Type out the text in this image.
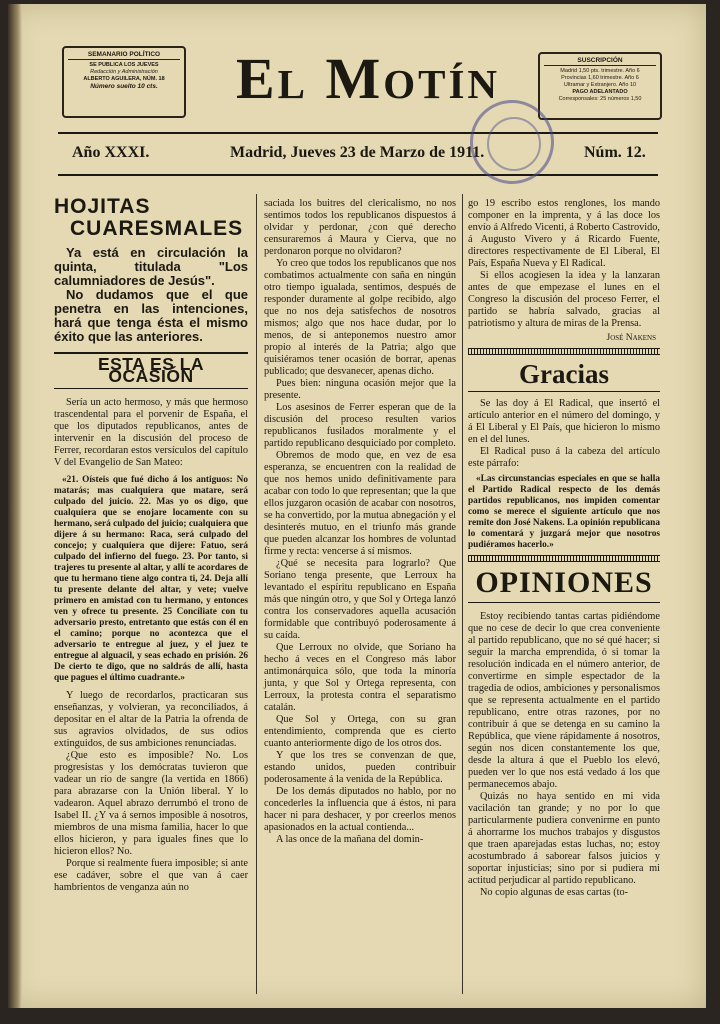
SEMANARIO POLÍTICO
SE PUBLICA LOS JUEVES
Redacción y Administración
ALBERTO AGUILERA, NÚM. 18
Número suelto 10 cts.	El Motín	SUSCRIPCIÓN
Madrid 1,50 pts. trimestre. Año 6
Provincias 1,60 trimestre. Año 6
Ultramar y Extranjero. Año 10
PAGO ADELANTADO
Corresponsales: 25 números 1,50
Año XXXI.	Madrid, Jueves 23 de Marzo de 1911.	Núm. 12.
HOJITAS
CUARESMALES

Ya está en circulación la quinta, titulada "Los calumniadores de Jesús".

No dudamos que el que penetra en las intenciones, hará que tenga ésta el mismo éxito que las anteriores.

ESTA ES LA OCASIÓN

Sería un acto hermoso, y más que hermoso trascendental para el porvenir de España, el que los diputados republicanos, antes de intervenir en la discusión del proceso de Ferrer, recordaran estos versículos del capítulo V del Evangelio de San Mateo:

«21. Oísteis que fué dicho á los antiguos: No matarás; mas cualquiera que matare, será culpado del juicio. 22. Mas yo os digo, que cualquiera que se enojare locamente con su hermano, será culpado del juicio; cualquiera que dijere á su hermano: Raca, será culpado del concejo; y cualquiera que dijere: Fatuo, será culpado del infierno del fuego. 23. Por tanto, si trajeres tu presente al altar, y allí te acordares de que tu hermano tiene algo contra ti, 24. Deja allí tu presente delante del altar, y vete; vuelve primero en amistad con tu hermano, y entonces ven y ofrece tu presente. 25 Concíliate con tu adversario presto, entretanto que estás con él en el camino; porque no acontezca que el adversario te entregue al juez, y el juez te entregue al alguacil, y seas echado en prisión. 26 De cierto te digo, que no saldrás de allí, hasta que pagues el último cuadrante.»

Y luego de recordarlos, practicaran sus enseñanzas, y volvieran, ya reconciliados, á depositar en el altar de la Patria la ofrenda de sus agravios olvidados, de sus odios extinguidos, de sus ambiciones renunciadas.

¿Que esto es imposible? No. Los progresistas y los demócratas tuvieron que vadear un río de sangre (la vertida en 1866) para abrazarse con la Unión liberal. Y lo vadearon. Aquel abrazo derrumbó el trono de Isabel II. ¿Y va á sernos imposible á nosotros, miembros de una misma familia, hacer lo que ellos hicieron, y para iguales fines que lo hicieron ellos? No.

Porque si realmente fuera imposible; si ante ese cadáver, sobre el que van á caer hambrientos de venganza aún no

saciada los buitres del clericalismo, no nos sentimos todos los republicanos dispuestos á olvidar y perdonar, ¿con qué derecho censuraremos á Maura y Cierva, que no perdonaron porque no olvidaron?

Yo creo que todos los republicanos que nos combatimos actualmente con saña en ningún otro tiempo igualada, sentimos, después de responder duramente al golpe recibido, algo que no nos deja satisfechos de nosotros mismos; algo que nos hace dudar, por lo menos, de si anteponemos nuestro amor propio al interés de la Patria; algo que quisiéramos tener ocasión de borrar, apenas publicado; que desvanecer, apenas dicho.

Pues bien: ninguna ocasión mejor que la presente.

Los asesinos de Ferrer esperan que de la discusión del proceso resulten varios republicanos fusilados moralmente y el partido republicano desquiciado por completo.

Obremos de modo que, en vez de esa esperanza, se encuentren con la realidad de que nos hemos unido definitivamente para acabar con todo lo que representan; que la que ellos juzgaron ocasión de acabar con nosotros, se ha convertido, por la mutua abnegación y el desinterés mutuo, en el triunfo más grande que pueden alcanzar los hombres de voluntad firme y recta: vencerse á sí mismos.

¿Qué se necesita para lograrlo? Que Soriano tenga presente, que Lerroux ha levantado el espíritu republicano en España más que ningún otro, y que Sol y Ortega lanzó contra los conservadores aquella acusación formidable que contribuyó poderosamente á su caída.

Que Lerroux no olvide, que Soriano ha hecho á veces en el Congreso más labor antimonárquica sólo, que toda la minoría junta, y que Sol y Ortega representa, con Lerroux, la protesta contra el separatismo catalán.

Que Sol y Ortega, con su gran entendimiento, comprenda que es cierto cuanto anteriormente digo de los otros dos.

Y que los tres se convenzan de que, estando unidos, pueden contribuir poderosamente á la venida de la República.

De los demás diputados no hablo, por no concederles la influencia que á éstos, ni para hacer ni para deshacer, y por creerlos menos apasionados en la actual contienda...

A las once de la mañana del domin-

go 19 escribo estos renglones, los mando componer en la imprenta, y á las doce los envío á Alfredo Vicenti, á Roberto Castrovido, á Augusto Vivero y á Ricardo Fuente, directores respectivamente de El Liberal, El País, España Nueva y El Radical.

Si ellos acogiesen la idea y la lanzaran antes de que empezase el lunes en el Congreso la discusión del proceso Ferrer, el partido se habría salvado, gracias al patriotismo y altura de miras de la Prensa.

José Nakens
Gracias

Se las doy á El Radical, que insertó el artículo anterior en el número del domingo, y á El Liberal y El País, que hicieron lo mismo en el del lunes.

El Radical puso á la cabeza del artículo este párrafo:

«Las circunstancias especiales en que se halla el Partido Radical respecto de los demás partidos republicanos, nos impiden comentar como se merece el siguiente artículo que nos remite don José Nakens. La opinión republicana lo comentará y juzgará mejor que nosotros pudiéramos hacerlo.»

OPINIONES

Estoy recibiendo tantas cartas pidiéndome que no cese de decir lo que crea conveniente al partido republicano, que no sé qué hacer; si seguir la marcha emprendida, ó si tomar la resolución indicada en el número anterior, de convertirme en simple espectador de la tragedia de odios, ambiciones y personalismos que se representa actualmente en el partido republicano, entre otras razones, por no contribuir á que se detenga en su camino la República, que viene rápidamente á nosotros, según nos dicen constantemente los que, desde la altura á que el Pueblo los elevó, pueden ver lo que nos está vedado á los que permanecemos abajo.

Quizás no haya sentido en mi vida vacilación tan grande; y no por lo que particularmente pudiera convenirme en punto á ahorrarme los muchos trabajos y disgustos que traen aparejadas estas luchas, no; estoy acostumbrado á saborear falsos juicios y soportar injusticias; sino por si pudiera mi actitud perjudicar al partido republicano.

No copio algunas de esas cartas (to-
